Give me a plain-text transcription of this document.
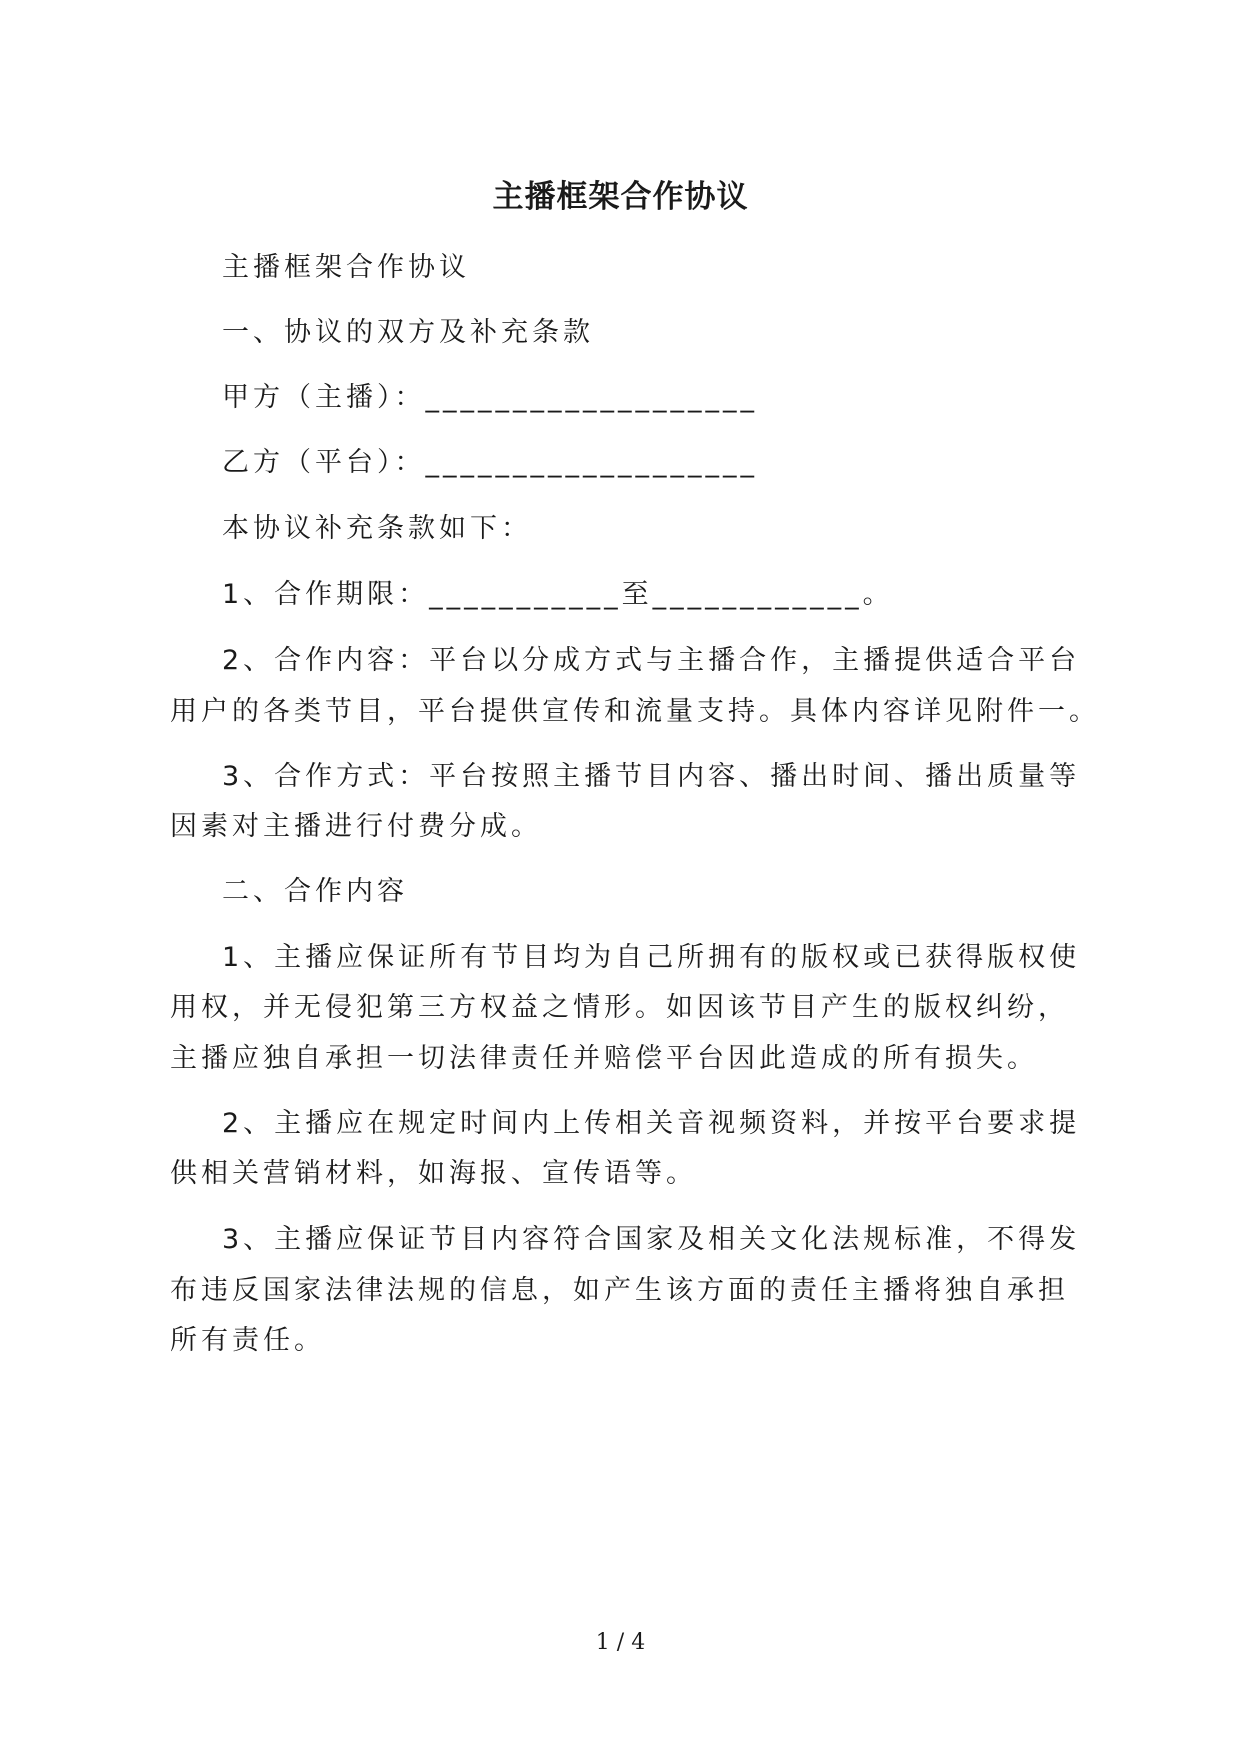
主播框架合作协议
主播框架合作协议
一、协议的双方及补充条款
甲方（主播）：___________________
乙方（平台）：___________________
本协议补充条款如下：
1、合作期限：___________至____________。
2、合作内容：平台以分成方式与主播合作，主播提供适合平台
用户的各类节目，平台提供宣传和流量支持。具体内容详见附件一。
3、合作方式：平台按照主播节目内容、播出时间、播出质量等
因素对主播进行付费分成。
二、合作内容
1、主播应保证所有节目均为自己所拥有的版权或已获得版权使
用权，并无侵犯第三方权益之情形。如因该节目产生的版权纠纷，
主播应独自承担一切法律责任并赔偿平台因此造成的所有损失。
2、主播应在规定时间内上传相关音视频资料，并按平台要求提
供相关营销材料，如海报、宣传语等。
3、主播应保证节目内容符合国家及相关文化法规标准，不得发
布违反国家法律法规的信息，如产生该方面的责任主播将独自承担
所有责任。
1 / 4
